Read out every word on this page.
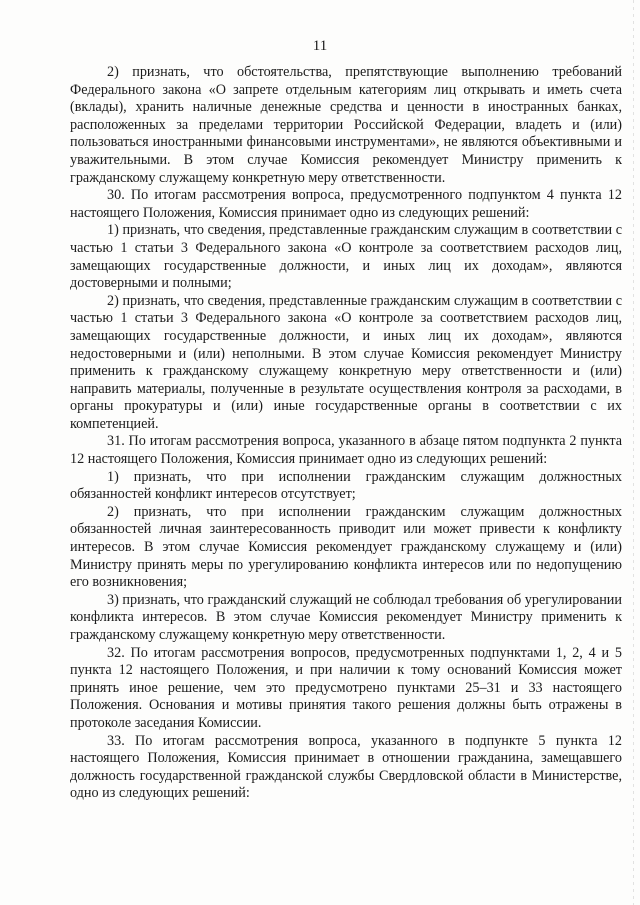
11

2) признать, что обстоятельства, препятствующие выполнению требований Федерального закона «О запрете отдельным категориям лиц открывать и иметь счета (вклады), хранить наличные денежные средства и ценности в иностранных банках, расположенных за пределами территории Российской Федерации, владеть и (или) пользоваться иностранными финансовыми инструментами», не являются объективными и уважительными. В этом случае Комиссия рекомендует Министру применить к гражданскому служащему конкретную меру ответственности.

30. По итогам рассмотрения вопроса, предусмотренного подпунктом 4 пункта 12 настоящего Положения, Комиссия принимает одно из следующих решений:

1) признать, что сведения, представленные гражданским служащим в соответствии с частью 1 статьи 3 Федерального закона «О контроле за соответствием расходов лиц, замещающих государственные должности, и иных лиц их доходам», являются достоверными и полными;

2) признать, что сведения, представленные гражданским служащим в соответствии с частью 1 статьи 3 Федерального закона «О контроле за соответствием расходов лиц, замещающих государственные должности, и иных лиц их доходам», являются недостоверными и (или) неполными. В этом случае Комиссия рекомендует Министру применить к гражданскому служащему конкретную меру ответственности и (или) направить материалы, полученные в результате осуществления контроля за расходами, в органы прокуратуры и (или) иные государственные органы в соответствии с их компетенцией.

31. По итогам рассмотрения вопроса, указанного в абзаце пятом подпункта 2 пункта 12 настоящего Положения, Комиссия принимает одно из следующих решений:

1) признать, что при исполнении гражданским служащим должностных обязанностей конфликт интересов отсутствует;

2) признать, что при исполнении гражданским служащим должностных обязанностей личная заинтересованность приводит или может привести к конфликту интересов. В этом случае Комиссия рекомендует гражданскому служащему и (или) Министру принять меры по урегулированию конфликта интересов или по недопущению его возникновения;

3) признать, что гражданский служащий не соблюдал требования об урегулировании конфликта интересов. В этом случае Комиссия рекомендует Министру применить к гражданскому служащему конкретную меру ответственности.

32. По итогам рассмотрения вопросов, предусмотренных подпунктами 1, 2, 4 и 5 пункта 12 настоящего Положения, и при наличии к тому оснований Комиссия может принять иное решение, чем это предусмотрено пунктами 25–31 и 33 настоящего Положения. Основания и мотивы принятия такого решения должны быть отражены в протоколе заседания Комиссии.

33. По итогам рассмотрения вопроса, указанного в подпункте 5 пункта 12 настоящего Положения, Комиссия принимает в отношении гражданина, замещавшего должность государственной гражданской службы Свердловской области в Министерстве, одно из следующих решений:
